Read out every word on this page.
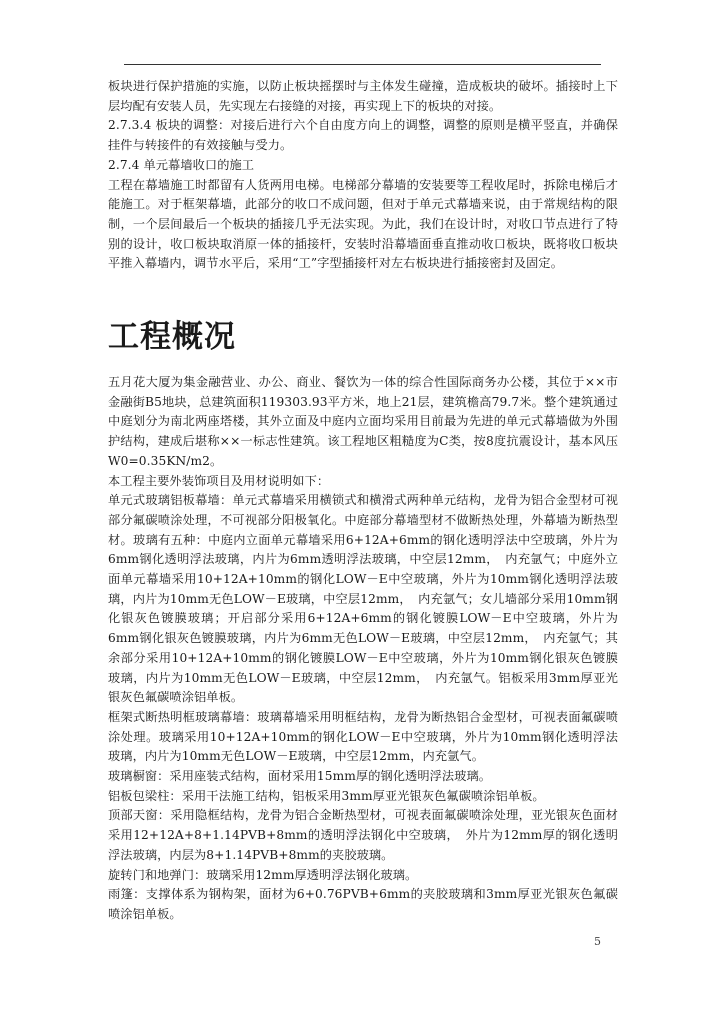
板块进行保护措施的实施，以防止板块摇摆时与主体发生碰撞，造成板块的破坏。插接时上下层均配有安装人员，先实现左右接缝的对接，再实现上下的板块的对接。

2.7.3.4 板块的调整：对接后进行六个自由度方向上的调整，调整的原则是横平竖直，并确保挂件与转接件的有效接触与受力。

2.7.4 单元幕墙收口的施工

工程在幕墙施工时都留有人货两用电梯。电梯部分幕墙的安装要等工程收尾时，拆除电梯后才能施工。对于框架幕墙，此部分的收口不成问题，但对于单元式幕墙来说，由于常规结构的限制，一个层间最后一个板块的插接几乎无法实现。为此，我们在设计时，对收口节点进行了特别的设计，收口板块取消原一体的插接杆，安装时沿幕墙面垂直推动收口板块，既将收口板块平推入幕墙内，调节水平后，采用“工”字型插接杆对左右板块进行插接密封及固定。

工程概况

五月花大厦为集金融营业、办公、商业、餐饮为一体的综合性国际商务办公楼，其位于××市金融街B5地块，总建筑面积119303.93平方米，地上21层，建筑檐高79.7米。整个建筑通过中庭划分为南北两座塔楼，其外立面及中庭内立面均采用目前最为先进的单元式幕墙做为外围护结构，建成后堪称××一标志性建筑。该工程地区粗糙度为C类，按8度抗震设计，基本风压W0=0.35KN/m2。

本工程主要外装饰项目及用材说明如下：

单元式玻璃铝板幕墙：单元式幕墙采用横锁式和横滑式两种单元结构，龙骨为铝合金型材可视部分氟碳喷涂处理，不可视部分阳极氧化。中庭部分幕墙型材不做断热处理，外幕墙为断热型材。玻璃有五种：中庭内立面单元幕墙采用6+12A+6mm的钢化透明浮法中空玻璃，外片为6mm钢化透明浮法玻璃，内片为6mm透明浮法玻璃，中空层12mm，　内充氩气；中庭外立面单元幕墙采用10+12A+10mm的钢化LOW－E中空玻璃，外片为10mm钢化透明浮法玻璃，内片为10mm无色LOW－E玻璃，中空层12mm，　内充氩气；女儿墙部分采用10mm钢化银灰色镀膜玻璃；开启部分采用6+12A+6mm的钢化镀膜LOW－E中空玻璃，外片为6mm钢化银灰色镀膜玻璃，内片为6mm无色LOW－E玻璃，中空层12mm，　内充氩气；其余部分采用10+12A+10mm的钢化镀膜LOW－E中空玻璃，外片为10mm钢化银灰色镀膜玻璃，内片为10mm无色LOW－E玻璃，中空层12mm，　内充氩气。铝板采用3mm厚亚光银灰色氟碳喷涂铝单板。

框架式断热明框玻璃幕墙：玻璃幕墙采用明框结构，龙骨为断热铝合金型材，可视表面氟碳喷涂处理。玻璃采用10+12A+10mm的钢化LOW－E中空玻璃，外片为10mm钢化透明浮法玻璃，内片为10mm无色LOW－E玻璃，中空层12mm，内充氩气。

玻璃橱窗：采用座装式结构，面材采用15mm厚的钢化透明浮法玻璃。

铝板包梁柱：采用干法施工结构，铝板采用3mm厚亚光银灰色氟碳喷涂铝单板。

顶部天窗：采用隐框结构，龙骨为铝合金断热型材，可视表面氟碳喷涂处理，亚光银灰色面材采用12+12A+8+1.14PVB+8mm的透明浮法钢化中空玻璃，　外片为12mm厚的钢化透明浮法玻璃，内层为8+1.14PVB+8mm的夹胶玻璃。

旋转门和地弹门：玻璃采用12mm厚透明浮法钢化玻璃。

雨篷：支撑体系为钢构架，面材为6+0.76PVB+6mm的夹胶玻璃和3mm厚亚光银灰色氟碳喷涂铝单板。

5
